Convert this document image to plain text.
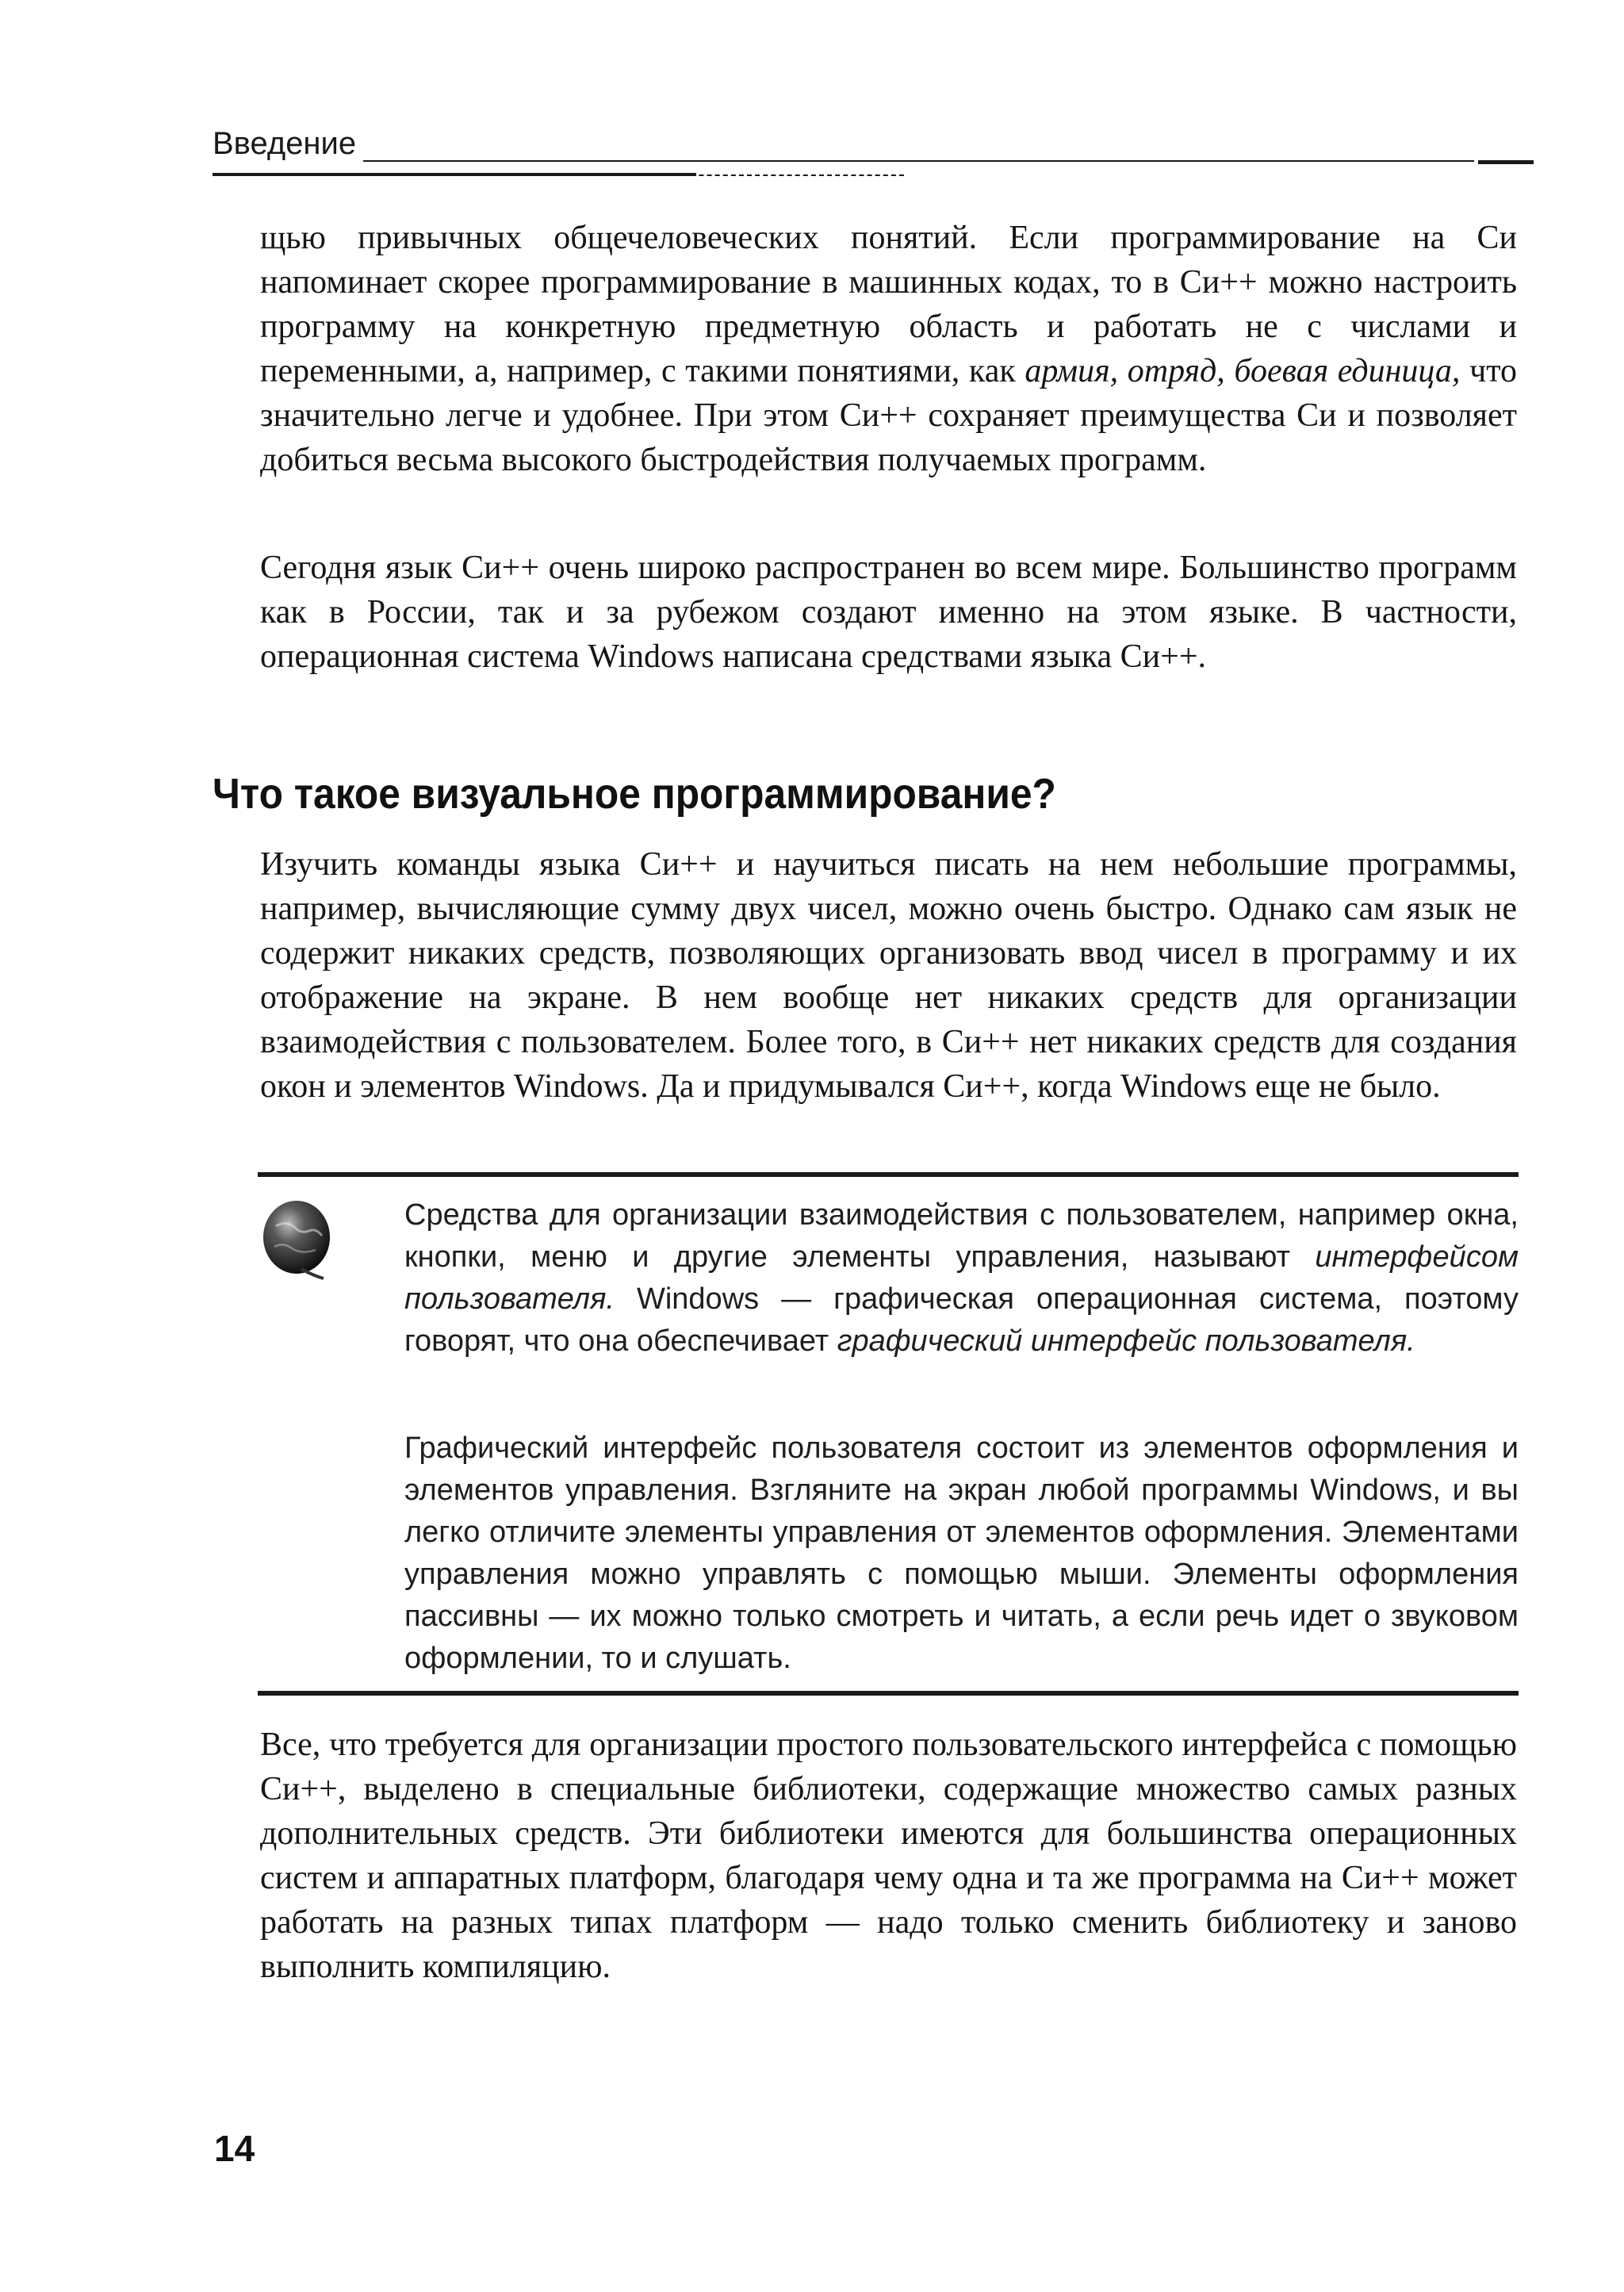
Введение

щью привычных общечеловеческих понятий. Если программирование на Си напоминает скорее программирование в машинных кодах, то в Си++ можно настроить программу на конкретную предметную область и работать не с числами и переменными, а, например, с такими понятиями, как армия, отряд, боевая единица, что значительно легче и удобнее. При этом Си++ сохраняет преимущества Си и позволяет добиться весьма высокого быстродействия получаемых программ.

Сегодня язык Си++ очень широко распространен во всем мире. Большинство программ как в России, так и за рубежом создают именно на этом языке. В частности, операционная система Windows написана средствами языка Си++.

Что такое визуальное программирование?

Изучить команды языка Си++ и научиться писать на нем небольшие программы, например, вычисляющие сумму двух чисел, можно очень быстро. Однако сам язык не содержит никаких средств, позволяющих организовать ввод чисел в программу и их отображение на экране. В нем вообще нет никаких средств для организации взаимодействия с пользователем. Более того, в Си++ нет никаких средств для создания окон и элементов Windows. Да и придумывался Си++, когда Windows еще не было.

Средства для организации взаимодействия с пользователем, например окна, кнопки, меню и другие элементы управления, называют интерфейсом пользователя. Windows — графическая операционная система, поэтому говорят, что она обеспечивает графический интерфейс пользователя.

Графический интерфейс пользователя состоит из элементов оформления и элементов управления. Взгляните на экран любой программы Windows, и вы легко отличите элементы управления от элементов оформления. Элементами управления можно управлять с помощью мыши. Элементы оформления пассивны — их можно только смотреть и читать, а если речь идет о звуковом оформлении, то и слушать.

Все, что требуется для организации простого пользовательского интерфейса с помощью Си++, выделено в специальные библиотеки, содержащие множество самых разных дополнительных средств. Эти библиотеки имеются для большинства операционных систем и аппаратных платформ, благодаря чему одна и та же программа на Си++ может работать на разных типах платформ — надо только сменить библиотеку и заново выполнить компиляцию.

14
